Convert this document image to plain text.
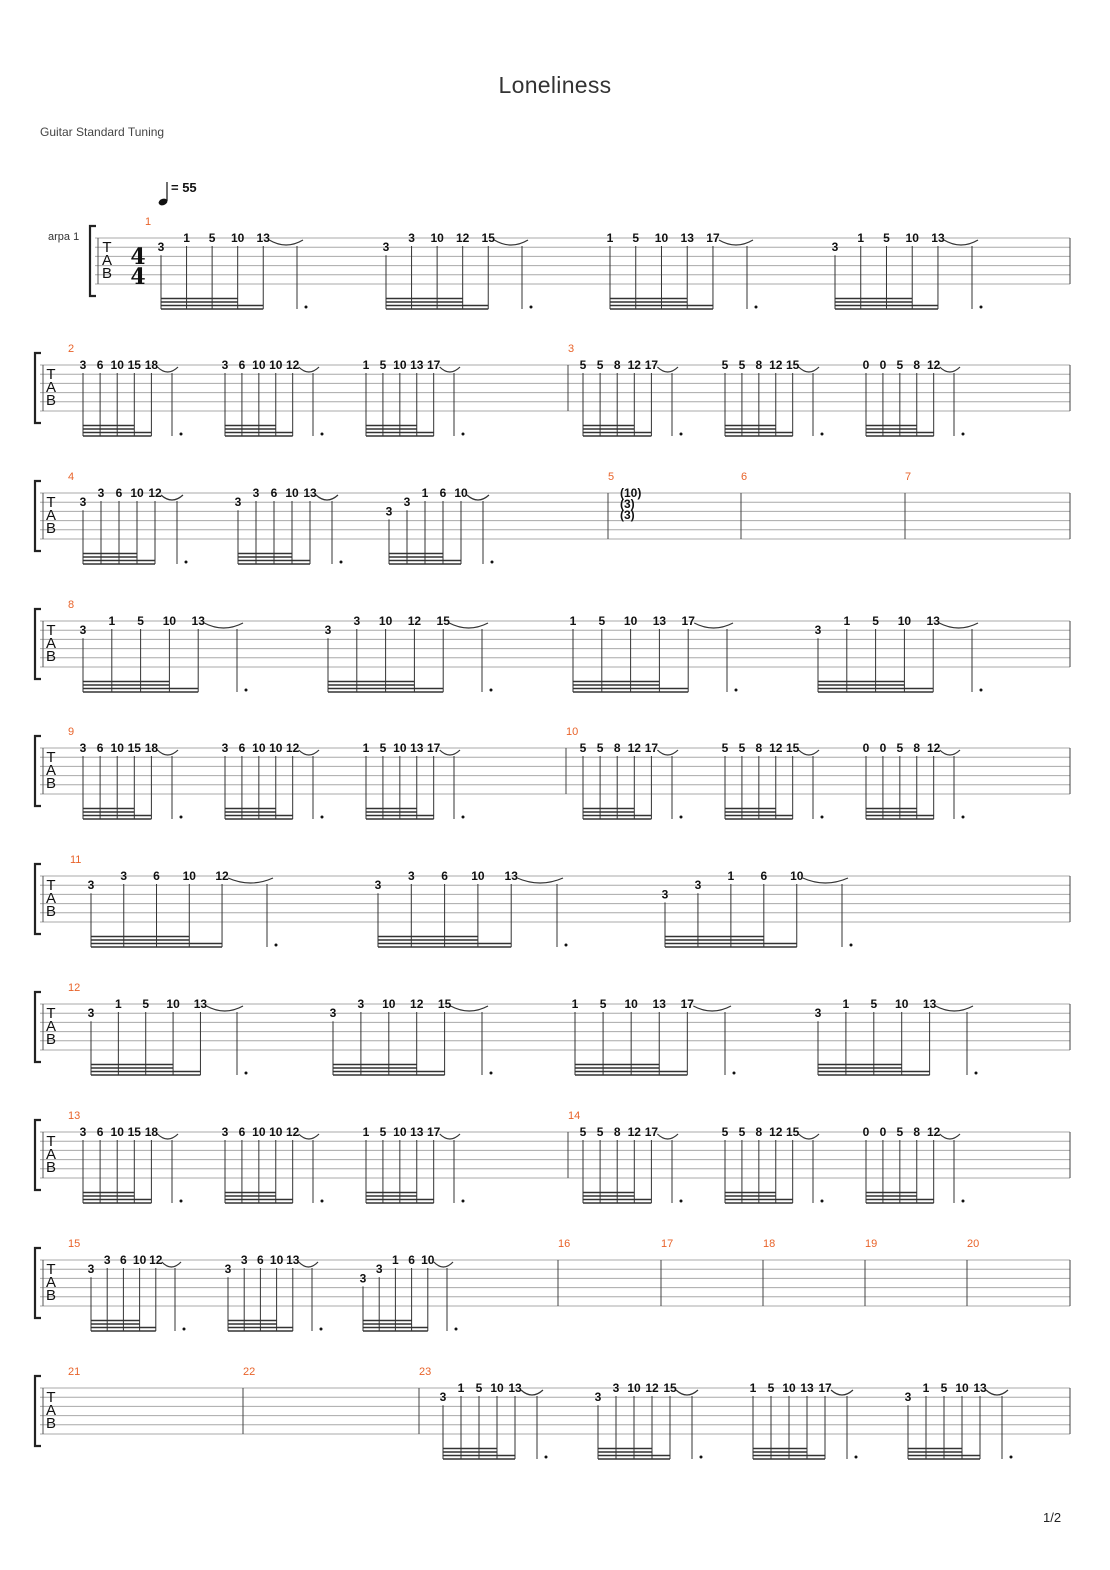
Loneliness
Guitar Standard Tuning
T
A
B
1
arpa 1
4
4
= 55
3
1 5 10 13
3
3 10 12 15	1 5 10 13 17
3
1 5 10 13
T
A
B
2	3
3 6 10 15 18	3 6 10 10 12	1 5 10 13 17	5 5 8 12 17	5 5 8 12 15	0 0 5 8 12
T
A
B
4	5	6	7
3
3 6 10 12
3
3 6 10 13
3
3
1 6 10	(10)
(3)
(3)
T
A
B
8
3
1 5 10 13
3
3 10 12 15	1 5 10 13 17
3
1 5 10 13
T
A
B
9	10
3 6 10 15 18	3 6 10 10 12	1 5 10 13 17	5 5 8 12 17	5 5 8 12 15	0 0 5 8 12
T
A
B
11
3
3 6 10 12
3
3 6 10 13
3
3
1 6 10
T
A
B
12
3
1 5 10 13
3
3 10 12 15	1 5 10 13 17
3
1 5 10 13
T
A
B
13	14
3 6 10 15 18	3 6 10 10 12	1 5 10 13 17	5 5 8 12 17	5 5 8 12 15	0 0 5 8 12
T
A
B
15	16	17	18	19	20
3
3 6 10 12
3
3 6 10 13
3
3
1 6 10
T
A
B
21	22	23
3
1 5 10 13
3
3 10 12 15	1 5 10 13 17
3
1 5 10 13
1/2
